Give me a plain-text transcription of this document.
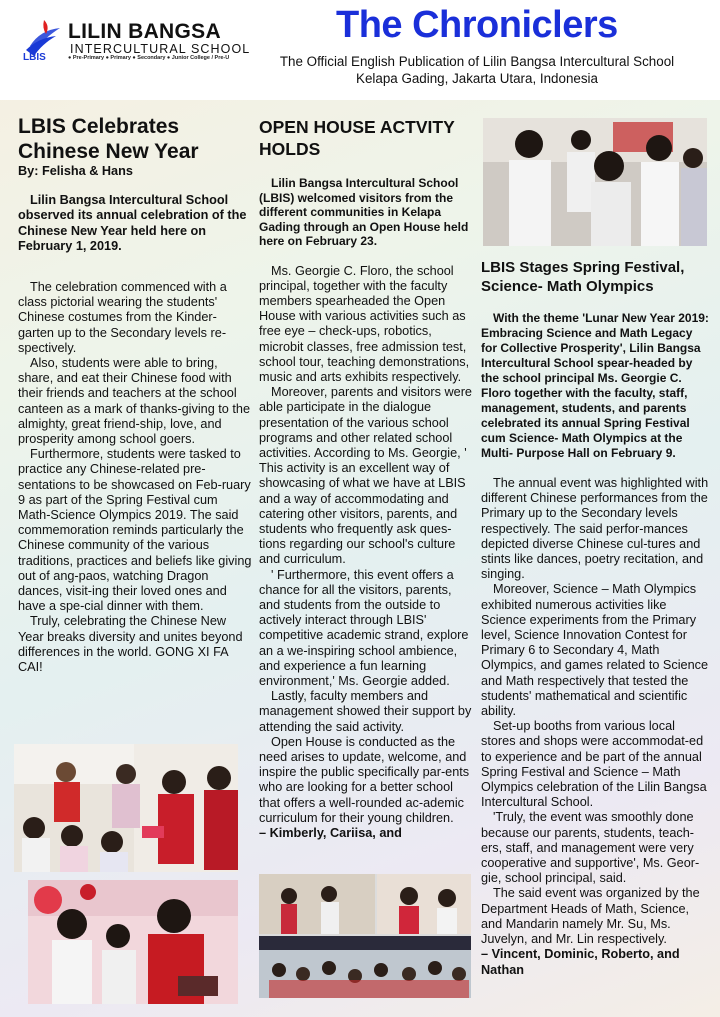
LBIS
LILIN BANGSA
INTERCULTURAL SCHOOL
● Pre-Primary ● Primary ● Secondary ● Junior College / Pre-U
The Chroniclers
The Official English Publication of Lilin Bangsa Intercultural School
Kelapa Gading, Jakarta Utara, Indonesia
LBIS Celebrates Chinese New Year

By: Felisha & Hans

Lilin Bangsa Intercultural School observed its annual celebration of the Chinese New Year held here on February 1, 2019.

The celebration commenced with a class pictorial wearing the students' Chinese costumes from the Kinder-garten up to the Secondary levels re-spectively.

Also, students were able to bring, share, and eat their Chinese food with their friends and teachers at the school canteen as a mark of thanks-giving to the almighty, great friend-ship, love, and prosperity among school goers.

Furthermore, students were tasked to practice any Chinese-related pre-sentations to be showcased on Feb-ruary 9 as part of the Spring Festival cum Math-Science Olympics 2019. The said commemoration reminds particularly the Chinese community of the various traditions, practices and beliefs like giving out of ang-paos, watching Dragon dances, visit-ing their loved ones and have a spe-cial dinner with them.

Truly, celebrating the Chinese New Year breaks diversity and unites beyond differences in the world. GONG XI FA CAI!

OPEN HOUSE ACTVITY HOLDS

Lilin Bangsa Intercultural School (LBIS) welcomed visitors from the different communities in Kelapa Gading through an Open House held here on February 23.

Ms. Georgie C. Floro, the school principal, together with the faculty members spearheaded the Open House with various activities such as free eye – check-ups, robotics, microbit classes, free admission test, school tour, teaching demonstrations, music and arts exhibits respectively.

Moreover, parents and visitors were able participate in the dialogue presentation of the various school programs and other related school activities. According to Ms. Georgie, ' This activity is an excellent way of showcasing of what we have at LBIS and a way of accommodating and catering other visitors, parents, and students who frequently ask ques-tions regarding our school's culture and curriculum.

' Furthermore, this event offers a chance for all the visitors, parents, and students from the outside to actively interact through LBIS' competitive academic strand, explore an a we-inspiring school ambience, and experience a fun learning environment,' Ms. Georgie added.

Lastly, faculty members and management showed their support by attending the said activity.

Open House is conducted as the need arises to update, welcome, and inspire the public specifically par-ents who are looking for a better school that offers a well-rounded ac-ademic curriculum for their young children.

– Kimberly, Cariisa, and

LBIS Stages Spring Festival, Science- Math Olympics

With the theme 'Lunar New Year 2019: Embracing Science and Math Legacy for Collective Prosperity', Lilin Bangsa Intercultural School spear-headed by the school principal Ms. Georgie C. Floro together with the faculty, staff, management, students, and parents celebrated its annual Spring Festival cum Science- Math Olympics at the Multi- Purpose Hall on February 9.

The annual event was highlighted with different Chinese performances from the Primary up to the Secondary levels respectively. The said perfor-mances depicted diverse Chinese cul-tures and stints like dances, poetry recitation, and singing.

Moreover, Science – Math Olympics exhibited numerous activities like Science experiments from the Primary level, Science Innovation Contest for Primary 6 to Secondary 4, Math Olympics, and games related to Science and Math respectively that tested the students' mathematical and scientific ability.

Set-up booths from various local stores and shops were accommodat-ed to experience and be part of the annual Spring Festival and Science – Math Olympics celebration of the Lilin Bangsa Intercultural School.

'Truly, the event was smoothly done because our parents, students, teach-ers, staff, and management were very cooperative and supportive', Ms. Geor-gie, school principal, said.

The said event was organized by the Department Heads of Math, Science, and Mandarin namely Mr. Su, Ms. Juvelyn, and Mr. Lin respectively.

– Vincent, Dominic, Roberto, and Nathan
